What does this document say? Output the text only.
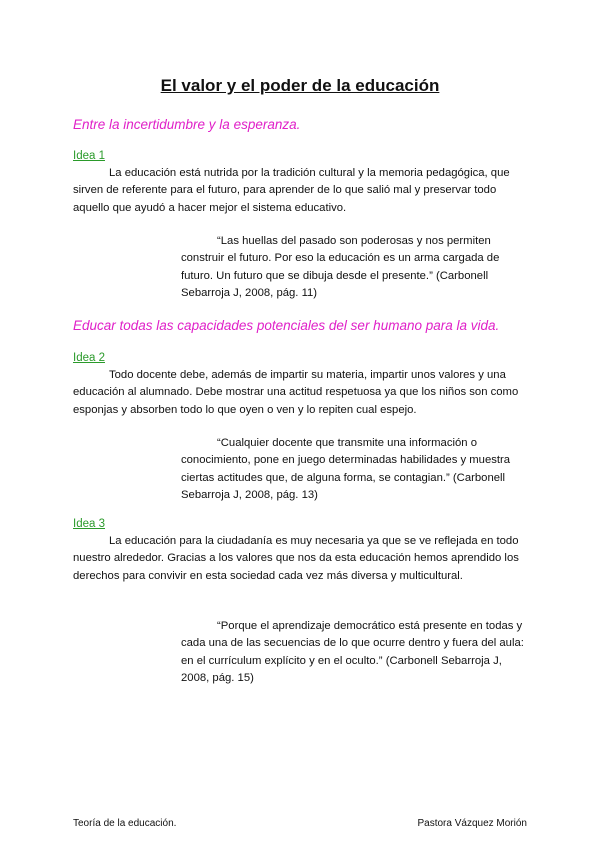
El valor y el poder de la educación

Entre la incertidumbre y la esperanza.

Idea 1

La educación está nutrida por la tradición cultural y la memoria pedagógica, que sirven de referente para el futuro, para aprender de lo que salió mal y preservar todo aquello que ayudó a hacer mejor el sistema educativo.

“Las huellas del pasado son poderosas y nos permiten construir el futuro. Por eso la educación es un arma cargada de futuro. Un futuro que se dibuja desde el presente.” (Carbonell Sebarroja J, 2008, pág. 11)

Educar todas las capacidades potenciales del ser humano para la vida.

Idea 2

Todo docente debe, además de impartir su materia, impartir unos valores y una educación al alumnado. Debe mostrar una actitud respetuosa ya que los niños son como esponjas y absorben todo lo que oyen o ven y lo repiten cual espejo.

“Cualquier docente que transmite una información o conocimiento, pone en juego determinadas habilidades y muestra ciertas actitudes que, de alguna forma, se contagian.” (Carbonell Sebarroja J, 2008, pág. 13)

Idea 3

La educación para la ciudadanía es muy necesaria ya que se ve reflejada en todo nuestro alrededor. Gracias a los valores que nos da esta educación hemos aprendido los derechos para convivir en esta sociedad cada vez más diversa y multicultural.

“Porque el aprendizaje democrático está presente en todas y cada una de las secuencias de lo que ocurre dentro y fuera del aula: en el currículum explícito y en el oculto.” (Carbonell Sebarroja J, 2008, pág. 15)

Teoría de la educación.	Pastora Vázquez Morión
